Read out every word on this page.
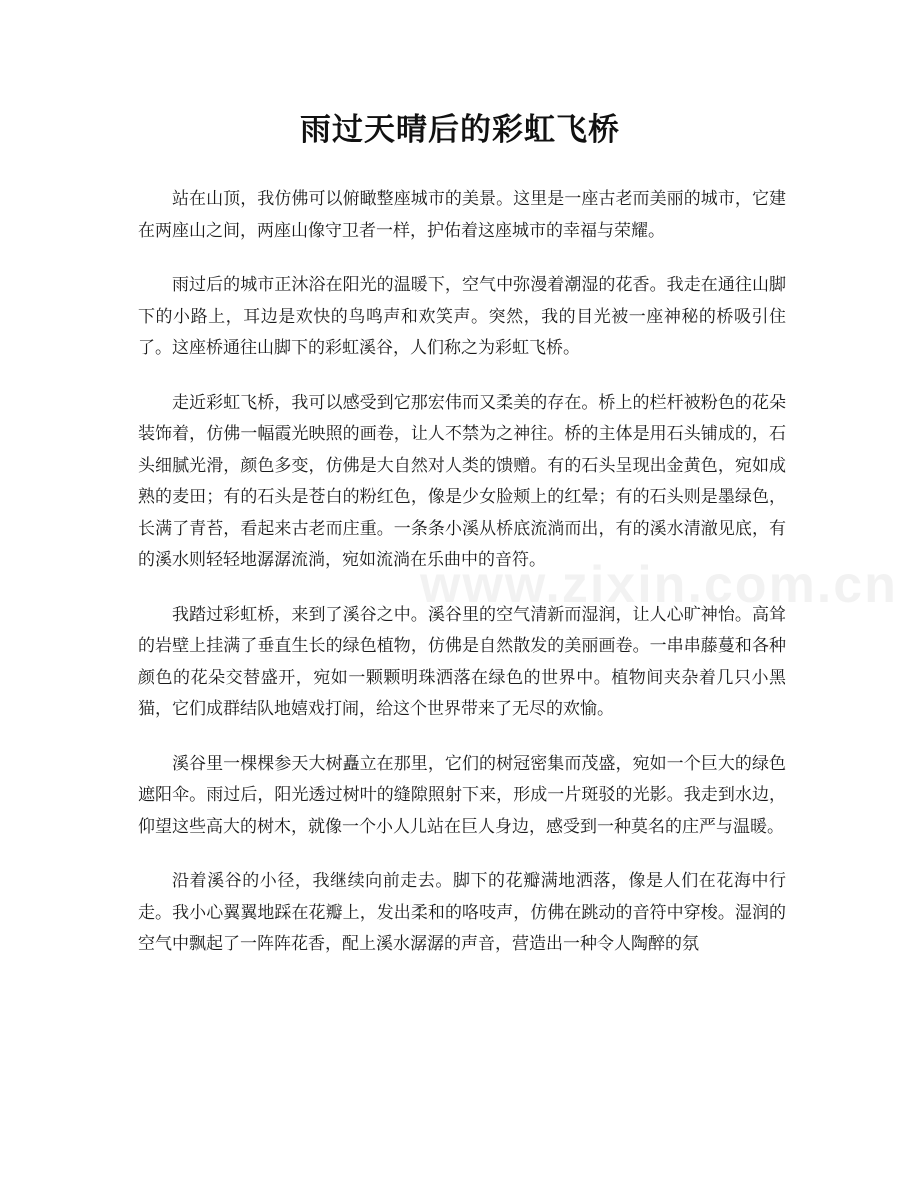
雨过天晴后的彩虹飞桥
www.zixin.com.cn

站在山顶，我仿佛可以俯瞰整座城市的美景。这里是一座古老而美丽的城市，它建在两座山之间，两座山像守卫者一样，护佑着这座城市的幸福与荣耀。

雨过后的城市正沐浴在阳光的温暖下，空气中弥漫着潮湿的花香。我走在通往山脚下的小路上，耳边是欢快的鸟鸣声和欢笑声。突然，我的目光被一座神秘的桥吸引住了。这座桥通往山脚下的彩虹溪谷，人们称之为彩虹飞桥。

走近彩虹飞桥，我可以感受到它那宏伟而又柔美的存在。桥上的栏杆被粉色的花朵装饰着，仿佛一幅霞光映照的画卷，让人不禁为之神往。桥的主体是用石头铺成的，石头细腻光滑，颜色多变，仿佛是大自然对人类的馈赠。有的石头呈现出金黄色，宛如成熟的麦田；有的石头是苍白的粉红色，像是少女脸颊上的红晕；有的石头则是墨绿色，长满了青苔，看起来古老而庄重。一条条小溪从桥底流淌而出，有的溪水清澈见底，有的溪水则轻轻地潺潺流淌，宛如流淌在乐曲中的音符。

我踏过彩虹桥，来到了溪谷之中。溪谷里的空气清新而湿润，让人心旷神怡。高耸的岩壁上挂满了垂直生长的绿色植物，仿佛是自然散发的美丽画卷。一串串藤蔓和各种颜色的花朵交替盛开，宛如一颗颗明珠洒落在绿色的世界中。植物间夹杂着几只小黑猫，它们成群结队地嬉戏打闹，给这个世界带来了无尽的欢愉。

溪谷里一棵棵参天大树矗立在那里，它们的树冠密集而茂盛，宛如一个巨大的绿色遮阳伞。雨过后，阳光透过树叶的缝隙照射下来，形成一片斑驳的光影。我走到水边，仰望这些高大的树木，就像一个小人儿站在巨人身边，感受到一种莫名的庄严与温暖。

沿着溪谷的小径，我继续向前走去。脚下的花瓣满地洒落，像是人们在花海中行走。我小心翼翼地踩在花瓣上，发出柔和的咯吱声，仿佛在跳动的音符中穿梭。湿润的空气中飘起了一阵阵花香，配上溪水潺潺的声音，营造出一种令人陶醉的氛
